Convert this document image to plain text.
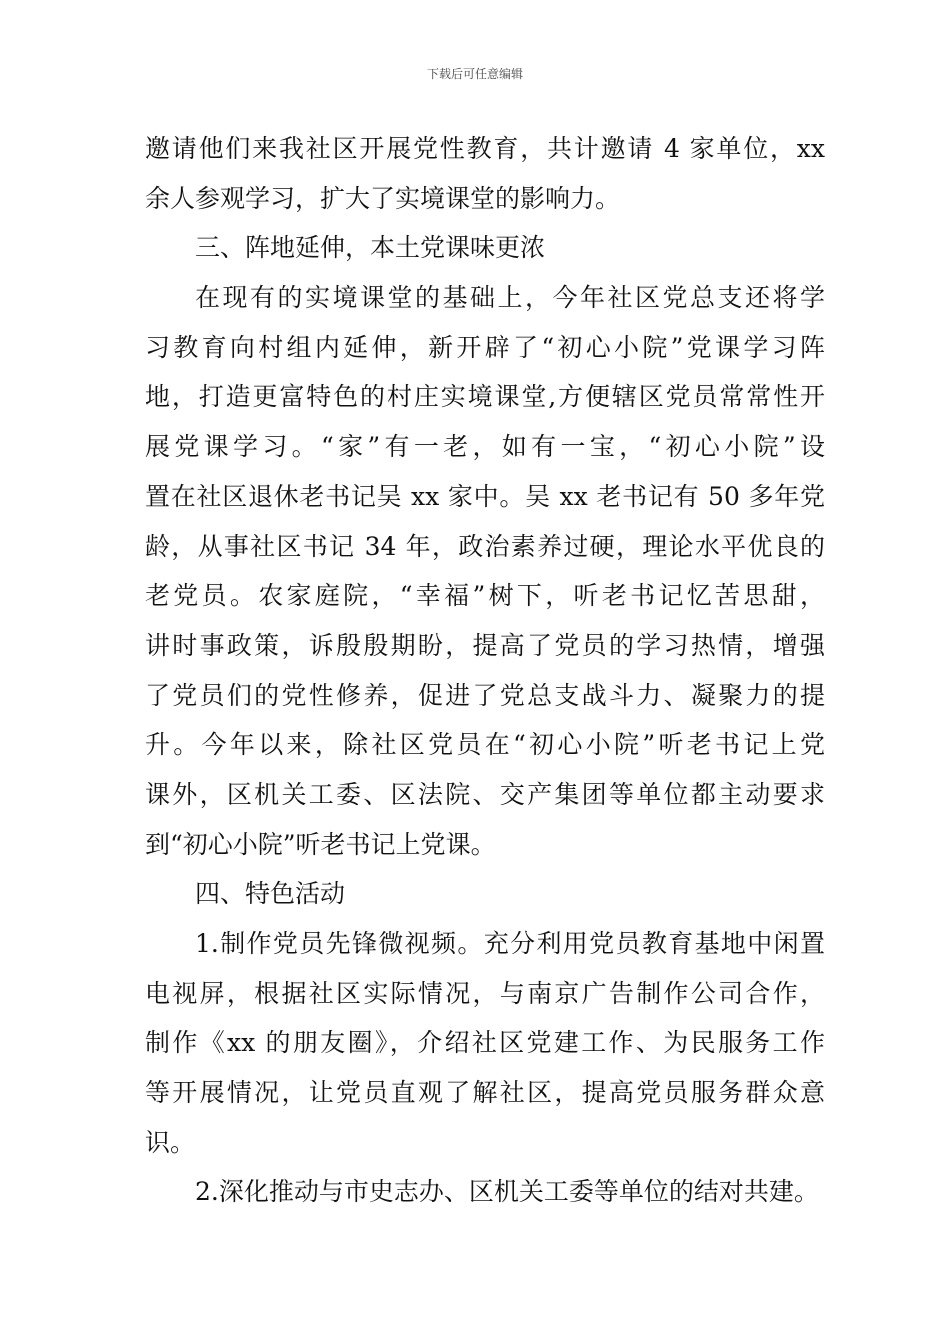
下载后可任意编辑
邀请他们来我社区开展党性教育，共计邀请 4 家单位，xx
余人参观学习，扩大了实境课堂的影响力。
三、阵地延伸，本土党课味更浓
在现有的实境课堂的基础上，今年社区党总支还将学
习教育向村组内延伸，新开辟了“初心小院”党课学习阵
地，打造更富特色的村庄实境课堂,方便辖区党员常常性开
展党课学习。“家”有一老，如有一宝，“初心小院”设
置在社区退休老书记吴 xx 家中。吴 xx 老书记有 50 多年党
龄，从事社区书记 34 年，政治素养过硬，理论水平优良的
老党员。农家庭院，“幸福”树下，听老书记忆苦思甜，
讲时事政策，诉殷殷期盼，提高了党员的学习热情，增强
了党员们的党性修养，促进了党总支战斗力、凝聚力的提
升。今年以来，除社区党员在“初心小院”听老书记上党
课外，区机关工委、区法院、交产集团等单位都主动要求
到“初心小院”听老书记上党课。
四、特色活动
1.制作党员先锋微视频。充分利用党员教育基地中闲置
电视屏，根据社区实际情况，与南京广告制作公司合作，
制作《xx 的朋友圈》，介绍社区党建工作、为民服务工作
等开展情况，让党员直观了解社区，提高党员服务群众意
识。
2.深化推动与市史志办、区机关工委等单位的结对共建。
